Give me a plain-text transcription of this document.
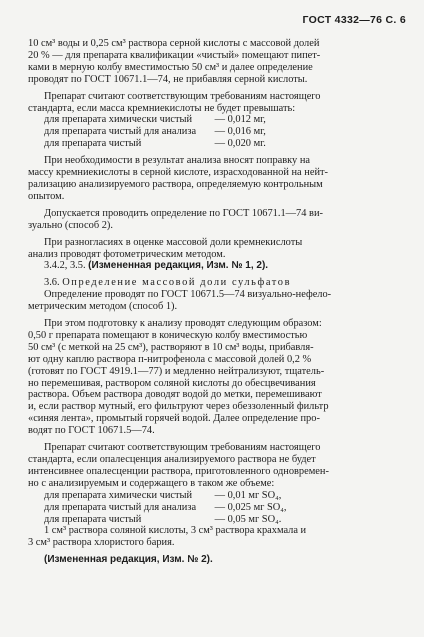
ГОСТ 4332—76 С. 6

10 см³ воды и 0,25 см³ раствора серной кислоты с массовой долей
20 % — для препарата квалификации «чистый» помещают пипет-
ками в мерную колбу вместимостью 50 см³ и далее определение
проводят по ГОСТ 10671.1—74, не прибавляя серной кислоты.

Препарат считают соответствующим требованиям настоящего
стандарта, если масса кремниекислоты не будет превышать:

для препарата химически чистый	— 0,012 мг,
для препарата чистый для анализа	— 0,016 мг,
для препарата чистый	— 0,020 мг.

При необходимости в результат анализа вносят поправку на
массу кремниекислоты в серной кислоте, израсходованной на нейт-
рализацию анализируемого раствора, определяемую контрольным
опытом.

Допускается проводить определение по ГОСТ 10671.1—74 ви-
зуально (способ 2).

При разногласиях в оценке массовой доли кремнекислоты
анализ проводят фотометрическим методом.

3.4.2, 3.5. (Измененная редакция, Изм. № 1, 2).

3.6. Определение массовой доли сульфатов

Определение проводят по ГОСТ 10671.5—74 визуально-нефело-
метрическим методом (способ 1).

При этом подготовку к анализу проводят следующим образом:
0,50 г препарата помещают в коническую колбу вместимостью
50 см³ (с меткой на 25 см³), растворяют в 10 см³ воды, прибавля-
ют одну каплю раствора п-нитрофенола с массовой долей 0,2 %
(готовят по ГОСТ 4919.1—77) и медленно нейтрализуют, тщатель-
но перемешивая, раствором соляной кислоты до обесцвечивания
раствора. Объем раствора доводят водой до метки, перемешивают
и, если раствор мутный, его фильтруют через обеззоленный фильтр
«синяя лента», промытый горячей водой. Далее определение про-
водят по ГОСТ 10671.5—74.

Препарат считают соответствующим требованиям настоящего
стандарта, если опалесценция анализируемого раствора не будет
интенсивнее опалесценции раствора, приготовленного одновремен-
но с анализируемым и содержащего в таком же объеме:

для препарата химически чистый	— 0,01 мг SO₄,
для препарата чистый для анализа	— 0,025 мг SO₄,
для препарата чистый	— 0,05 мг SO₄.

1 см³ раствора соляной кислоты, 3 см³ раствора крахмала и
3 см³ раствора хлористого бария.

(Измененная редакция, Изм. № 2).
